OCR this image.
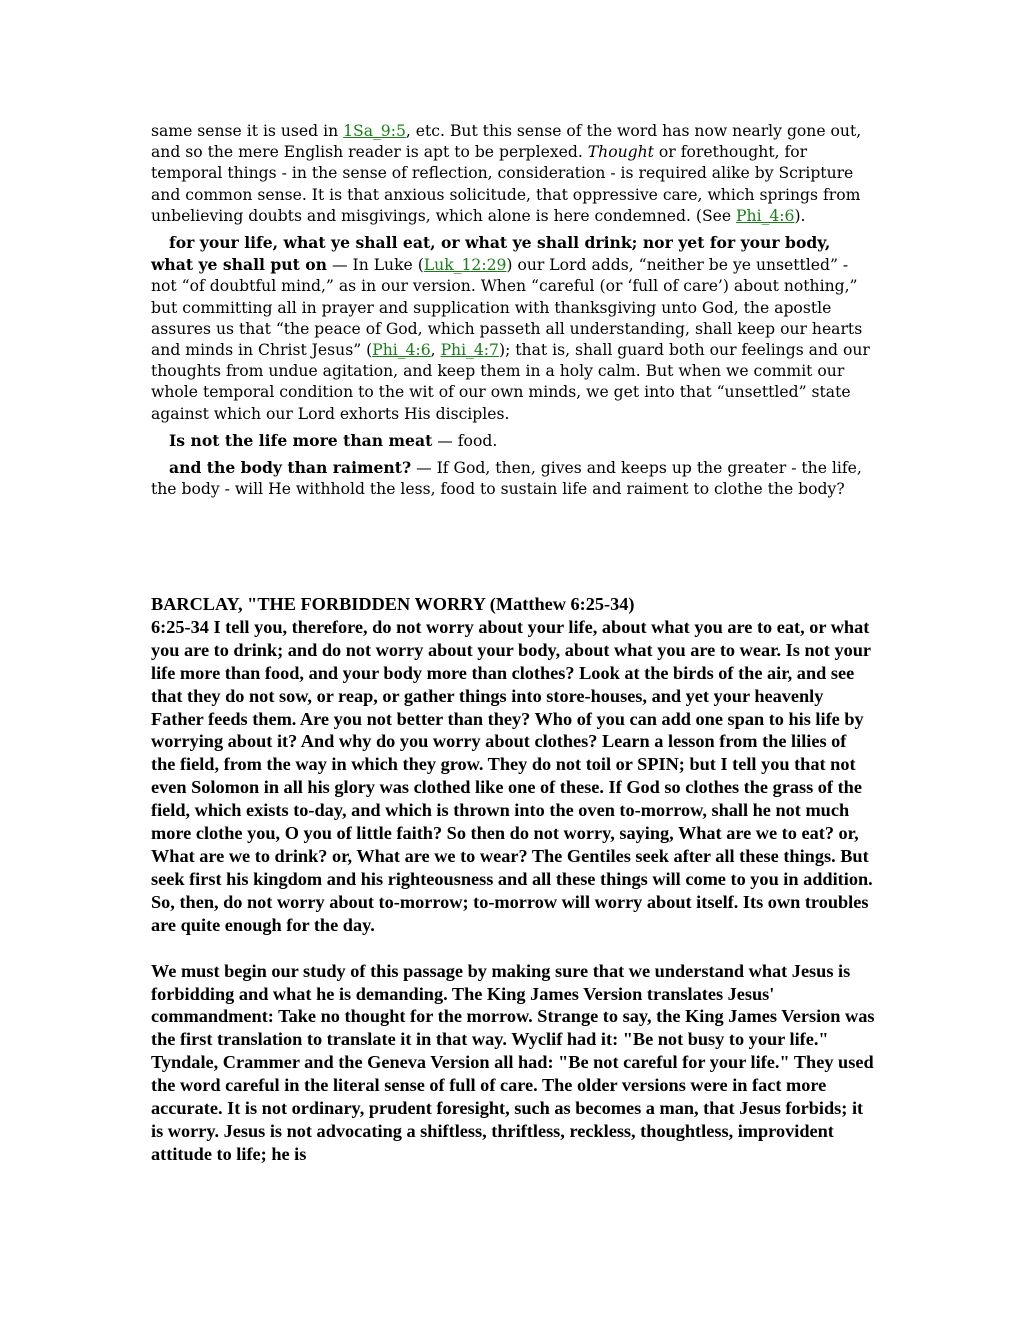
same sense it is used in 1Sa_9:5, etc. But this sense of the word has now nearly gone out, and so the mere English reader is apt to be perplexed. Thought or forethought, for temporal things - in the sense of reflection, consideration - is required alike by Scripture and common sense. It is that anxious solicitude, that oppressive care, which springs from unbelieving doubts and misgivings, which alone is here condemned. (See Phi_4:6).

for your life, what ye shall eat, or what ye shall drink; nor yet for your body, what ye shall put on — In Luke (Luk_12:29) our Lord adds, “neither be ye unsettled” - not “of doubtful mind,” as in our version. When “careful (or ‘full of care’) about nothing,” but committing all in prayer and supplication with thanksgiving unto God, the apostle assures us that “the peace of God, which passeth all understanding, shall keep our hearts and minds in Christ Jesus” (Phi_4:6, Phi_4:7); that is, shall guard both our feelings and our thoughts from undue agitation, and keep them in a holy calm. But when we commit our whole temporal condition to the wit of our own minds, we get into that “unsettled” state against which our Lord exhorts His disciples.

Is not the life more than meat — food.

and the body than raiment? — If God, then, gives and keeps up the greater - the life, the body - will He withhold the less, food to sustain life and raiment to clothe the body?

BARCLAY, "THE FORBIDDEN WORRY (Matthew 6:25-34)

6:25-34 I tell you, therefore, do not worry about your life, about what you are to eat, or what you are to drink; and do not worry about your body, about what you are to wear. Is not your life more than food, and your body more than clothes? Look at the birds of the air, and see that they do not sow, or reap, or gather things into store-houses, and yet your heavenly Father feeds them. Are you not better than they? Who of you can add one span to his life by worrying about it? And why do you worry about clothes? Learn a lesson from the lilies of the field, from the way in which they grow. They do not toil or SPIN; but I tell you that not even Solomon in all his glory was clothed like one of these. If God so clothes the grass of the field, which exists to-day, and which is thrown into the oven to-morrow, shall he not much more clothe you, O you of little faith? So then do not worry, saying, What are we to eat? or, What are we to drink? or, What are we to wear? The Gentiles seek after all these things. But seek first his kingdom and his righteousness and all these things will come to you in addition. So, then, do not worry about to-morrow; to-morrow will worry about itself. Its own troubles are quite enough for the day.

We must begin our study of this passage by making sure that we understand what Jesus is forbidding and what he is demanding. The King James Version translates Jesus' commandment: Take no thought for the morrow. Strange to say, the King James Version was the first translation to translate it in that way. Wyclif had it: "Be not busy to your life." Tyndale, Crammer and the Geneva Version all had: "Be not careful for your life." They used the word careful in the literal sense of full of care. The older versions were in fact more accurate. It is not ordinary, prudent foresight, such as becomes a man, that Jesus forbids; it is worry. Jesus is not advocating a shiftless, thriftless, reckless, thoughtless, improvident attitude to life; he is
